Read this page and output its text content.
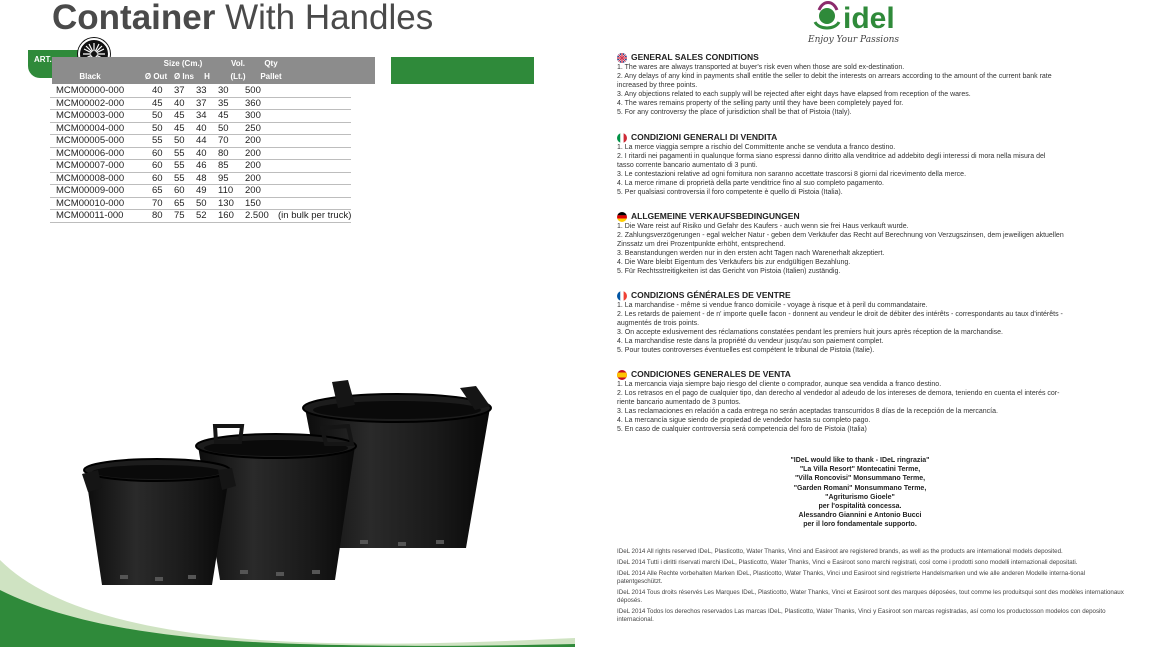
Container With Handles
ART.
Black
Size (Cm.)
Ø Out Ø Ins	H
Vol.
(Lt.)
Qty
Pallet
MCM00000-000	40	37	33	30	500	
MCM00002-000	45	40	37	35	360	
MCM00003-000	50	45	34	45	300	
MCM00004-000	50	45	40	50	250	
MCM00005-000	55	50	44	70	200	
MCM00006-000	60	55	40	80	200	
MCM00007-000	60	55	46	85	200	
MCM00008-000	60	55	48	95	200	
MCM00009-000	65	60	49	110	200	
MCM00010-000	70	65	50	130	150	
MCM00011-000	80	75	52	160	2.500	(in bulk per truck)
idel
Enjoy Your Passions
GENERAL SALES CONDITIONS

1. The wares are always transported at buyer's risk even when those are sold ex-destination.

2. Any delays of any kind in payments shall entitle the seller to debit the interests on arrears according to the amount of the current bank rate

increased by three points.

3. Any objections related to each supply will be rejected after eight days have elapsed from reception of the wares.

4. The wares remains property of the selling party until they have been completely payed for.

5. For any controversy the place of jurisdiction shall be that of Pistoia (Italy).

CONDIZIONI GENERALI DI VENDITA

1. La merce viaggia sempre a rischio del Committente anche se venduta a franco destino.

2. I ritardi nei pagamenti in qualunque forma siano espressi danno diritto alla venditrice ad addebito degli interessi di mora nella misura del

tasso corrente bancario aumentato di 3 punti.

3. Le contestazioni relative ad ogni fornitura non saranno accettate trascorsi 8 giorni dal ricevimento della merce.

4. La merce rimane di proprietà della parte venditrice fino al suo completo pagamento.

5. Per qualsiasi controversia il foro competente è quello di Pistoia (Italia).

ALLGEMEINE VERKAUFSBEDINGUNGEN

1. Die Ware reist auf Risiko und Gefahr des Kaufers - auch wenn sie frei Haus verkauft wurde.

2. Zahlungsverzögerungen - egal welcher Natur - geben dem Verkäufer das Recht auf Berechnung von Verzugszinsen, dem jeweiligen aktuellen

Zinssatz um drei Prozentpunkte erhöht, entsprechend.

3. Beanstandungen werden nur in den ersten acht Tagen nach Warenerhalt akzeptiert.

4. Die Ware bleibt Eigentum des Verkäufers bis zur endgültigen Bezahlung.

5. Für Rechtsstreitigkeiten ist das Gericht von Pistoia (Italien) zuständig.

CONDIZIONS GÉNÉRALES DE VENTRE

1. La marchandise - même si vendue franco domicile - voyage à risque et à peril du commandataire.

2. Les retards de paiement - de n' importe quelle facon - donnent au vendeur le droit de débiter des intérêts - correspondants au taux d'intérêts -

augmentés de trois points.

3. On accepte exlusivement des réclamations constatées pendant les premiers huit jours après réception de la marchandise.

4. La marchandise reste dans la propriété du vendeur jusqu'au son paiement complet.

5. Pour toutes controverses éventuelles est compétent le tribunal de Pistoia (Italie).

CONDICIONES GENERALES DE VENTA

1. La mercancia viaja siempre bajo riesgo del cliente o comprador, aunque sea vendida a franco destino.

2. Los retrasos en el pago de cualquier tipo, dan derecho al vendedor al adeudo de los intereses de demora, teniendo en cuenta el interés cor-

riente bancario aumentado de 3 puntos.

3. Las reclamaciones en relación a cada entrega no serán aceptadas transcurridos 8 días de la recepción de la mercancía.

4. La mercancía sigue siendo de propiedad de vendedor hasta su completo pago.

5. En caso de cualquier controversia será competencia del foro de Pistoia (Italia)

"IDeL would like to thank - IDeL ringrazia"
"La Villa Resort" Montecatini Terme,
"Villa Roncovisi" Monsummano Terme,
"Garden Romani" Monsummano Terme,
"Agriturismo Gioele"
per l'ospitalità concessa.
Alessandro Giannini e Antonio Bucci
per il loro fondamentale supporto.

IDeL 2014 All rights reserved IDeL, Plasticotto, Water Thanks, Vinci and Easiroot are registered brands, as well as the products are international models deposited.

IDeL 2014 Tutti i diritti riservati marchi IDeL, Plasticotto, Water Thanks, Vinci e Easiroot sono marchi registrati, così come i prodotti sono modelli internazionali depositati.

IDeL 2014 Alle Rechte vorbehalten Marken IDeL, Plasticotto, Water Thanks, Vinci und Easiroot sind registrierte Handelsmarken und wie alle anderen Modelle interna-tional patentgeschützt.

IDeL 2014 Tous droits réservés Les Marques IDeL, Plasticotto, Water Thanks, Vinci et Easiroot sont des marques déposées, tout comme les produitsqui sont des modèles internationaux déposés.

IDeL 2014 Todos los derechos reservados Las marcas IDeL, Plasticotto, Water Thanks, Vinci y Easiroot son marcas registradas, así como los productosson modelos con deposito internacional.
